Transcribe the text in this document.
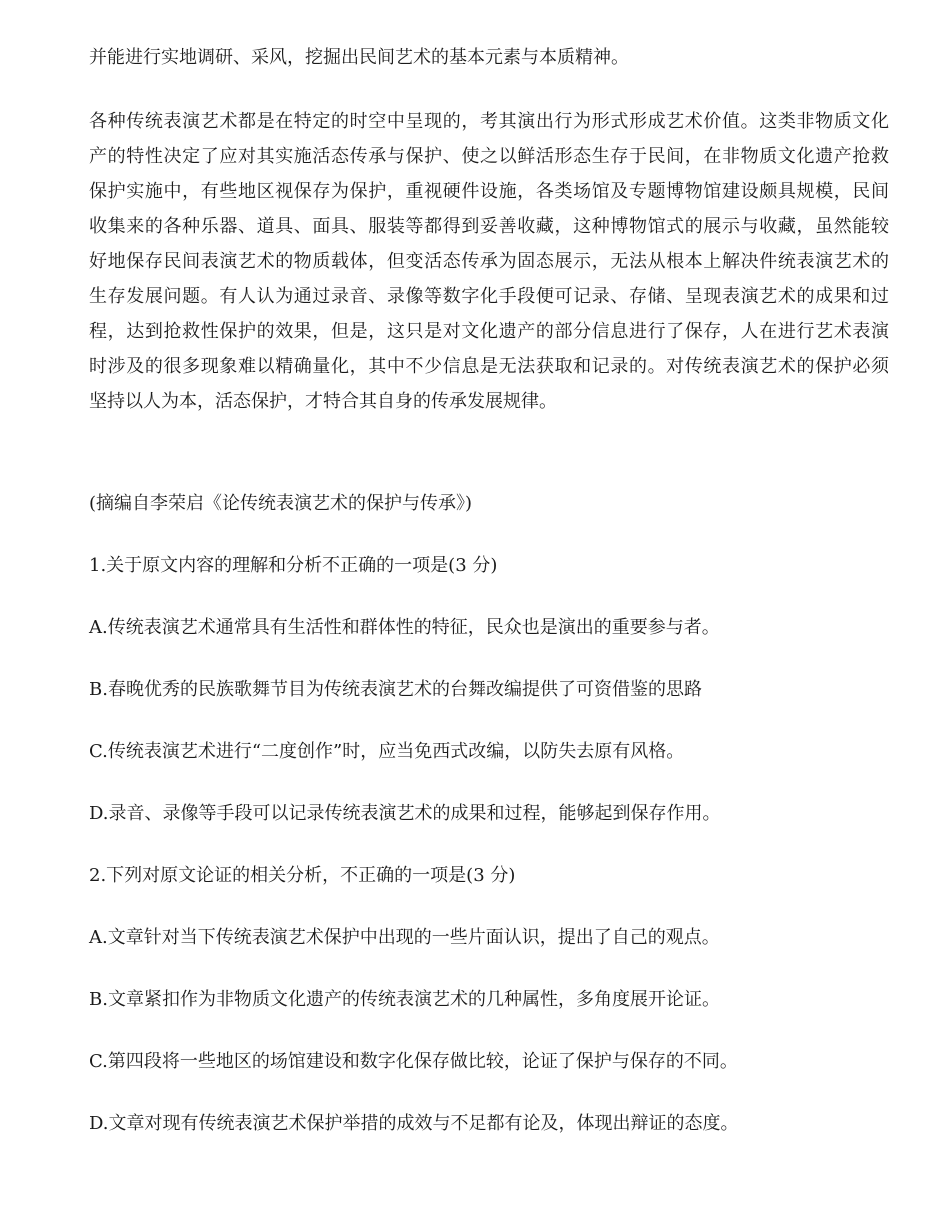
并能进行实地调研、采风，挖掘出民间艺术的基本元素与本质精神。

各种传统表演艺术都是在特定的时空中呈现的，考其演出行为形式形成艺术价值。这类非物质文化

产的特性决定了应对其实施活态传承与保护、使之以鲜活形态生存于民间，在非物质文化遗产抢救

保护实施中，有些地区视保存为保护，重视硬件设施，各类场馆及专题博物馆建设颇具规模，民间

收集来的各种乐器、道具、面具、服装等都得到妥善收藏，这种博物馆式的展示与收藏，虽然能较

好地保存民间表演艺术的物质载体，但变活态传承为固态展示，无法从根本上解决件统表演艺术的

生存发展问题。有人认为通过录音、录像等数字化手段便可记录、存储、呈现表演艺术的成果和过

程，达到抢救性保护的效果，但是，这只是对文化遗产的部分信息进行了保存，人在进行艺术表演

时涉及的很多现象难以精确量化，其中不少信息是无法获取和记录的。对传统表演艺术的保护必须

坚持以人为本，活态保护，才特合其自身的传承发展规律。

(摘编自李荣启《论传统表演艺术的保护与传承》)

1.关于原文内容的理解和分析不正确的一项是(3 分)

A.传统表演艺术通常具有生活性和群体性的特征，民众也是演出的重要参与者。

B.春晚优秀的民族歌舞节目为传统表演艺术的台舞改编提供了可资借鉴的思路

C.传统表演艺术进行“二度创作”时，应当免西式改编，以防失去原有风格。

D.录音、录像等手段可以记录传统表演艺术的成果和过程，能够起到保存作用。

2.下列对原文论证的相关分析，不正确的一项是(3 分)

A.文章针对当下传统表演艺术保护中出现的一些片面认识，提出了自己的观点。

B.文章紧扣作为非物质文化遗产的传统表演艺术的几种属性，多角度展开论证。

C.第四段将一些地区的场馆建设和数字化保存做比较，论证了保护与保存的不同。

D.文章对现有传统表演艺术保护举措的成效与不足都有论及，体现出辩证的态度。
